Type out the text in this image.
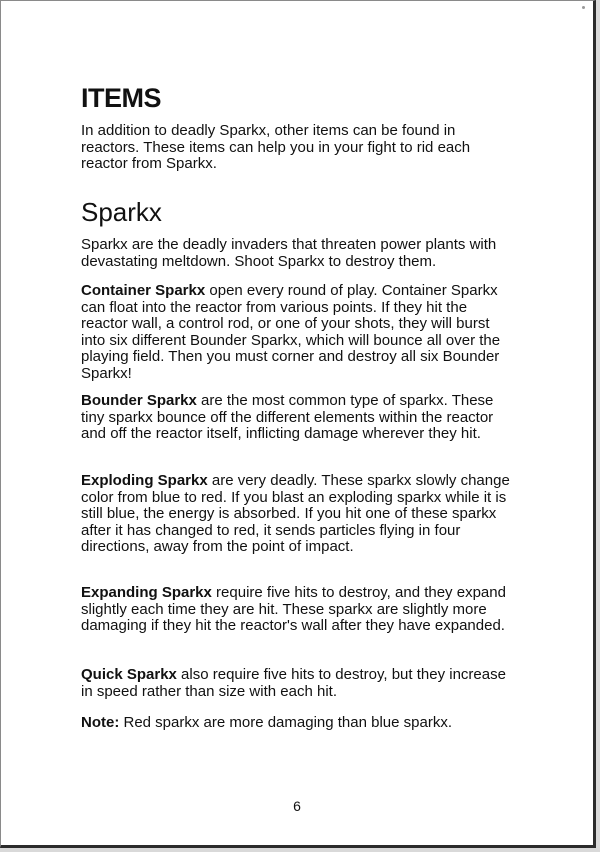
ITEMS

In addition to deadly Sparkx, other items can be found in reactors. These items can help you in your fight to rid each reactor from Sparkx.

Sparkx

Sparkx are the deadly invaders that threaten power plants with devastating meltdown. Shoot Sparkx to destroy them.

Container Sparkx open every round of play. Container Sparkx can float into the reactor from various points. If they hit the reactor wall, a control rod, or one of your shots, they will burst into six different Bounder Sparkx, which will bounce all over the playing field. Then you must corner and destroy all six Bounder Sparkx!

Bounder Sparkx are the most common type of sparkx. These tiny sparkx bounce off the different elements within the reactor and off the reactor itself, inflicting damage wherever they hit.

Exploding Sparkx are very deadly. These sparkx slowly change color from blue to red. If you blast an exploding sparkx while it is still blue, the energy is absorbed. If you hit one of these sparkx after it has changed to red, it sends particles flying in four directions, away from the point of impact.

Expanding Sparkx require five hits to destroy, and they expand slightly each time they are hit. These sparkx are slightly more damaging if they hit the reactor's wall after they have expanded.

Quick Sparkx also require five hits to destroy, but they increase in speed rather than size with each hit.

Note: Red sparkx are more damaging than blue sparkx.

6
